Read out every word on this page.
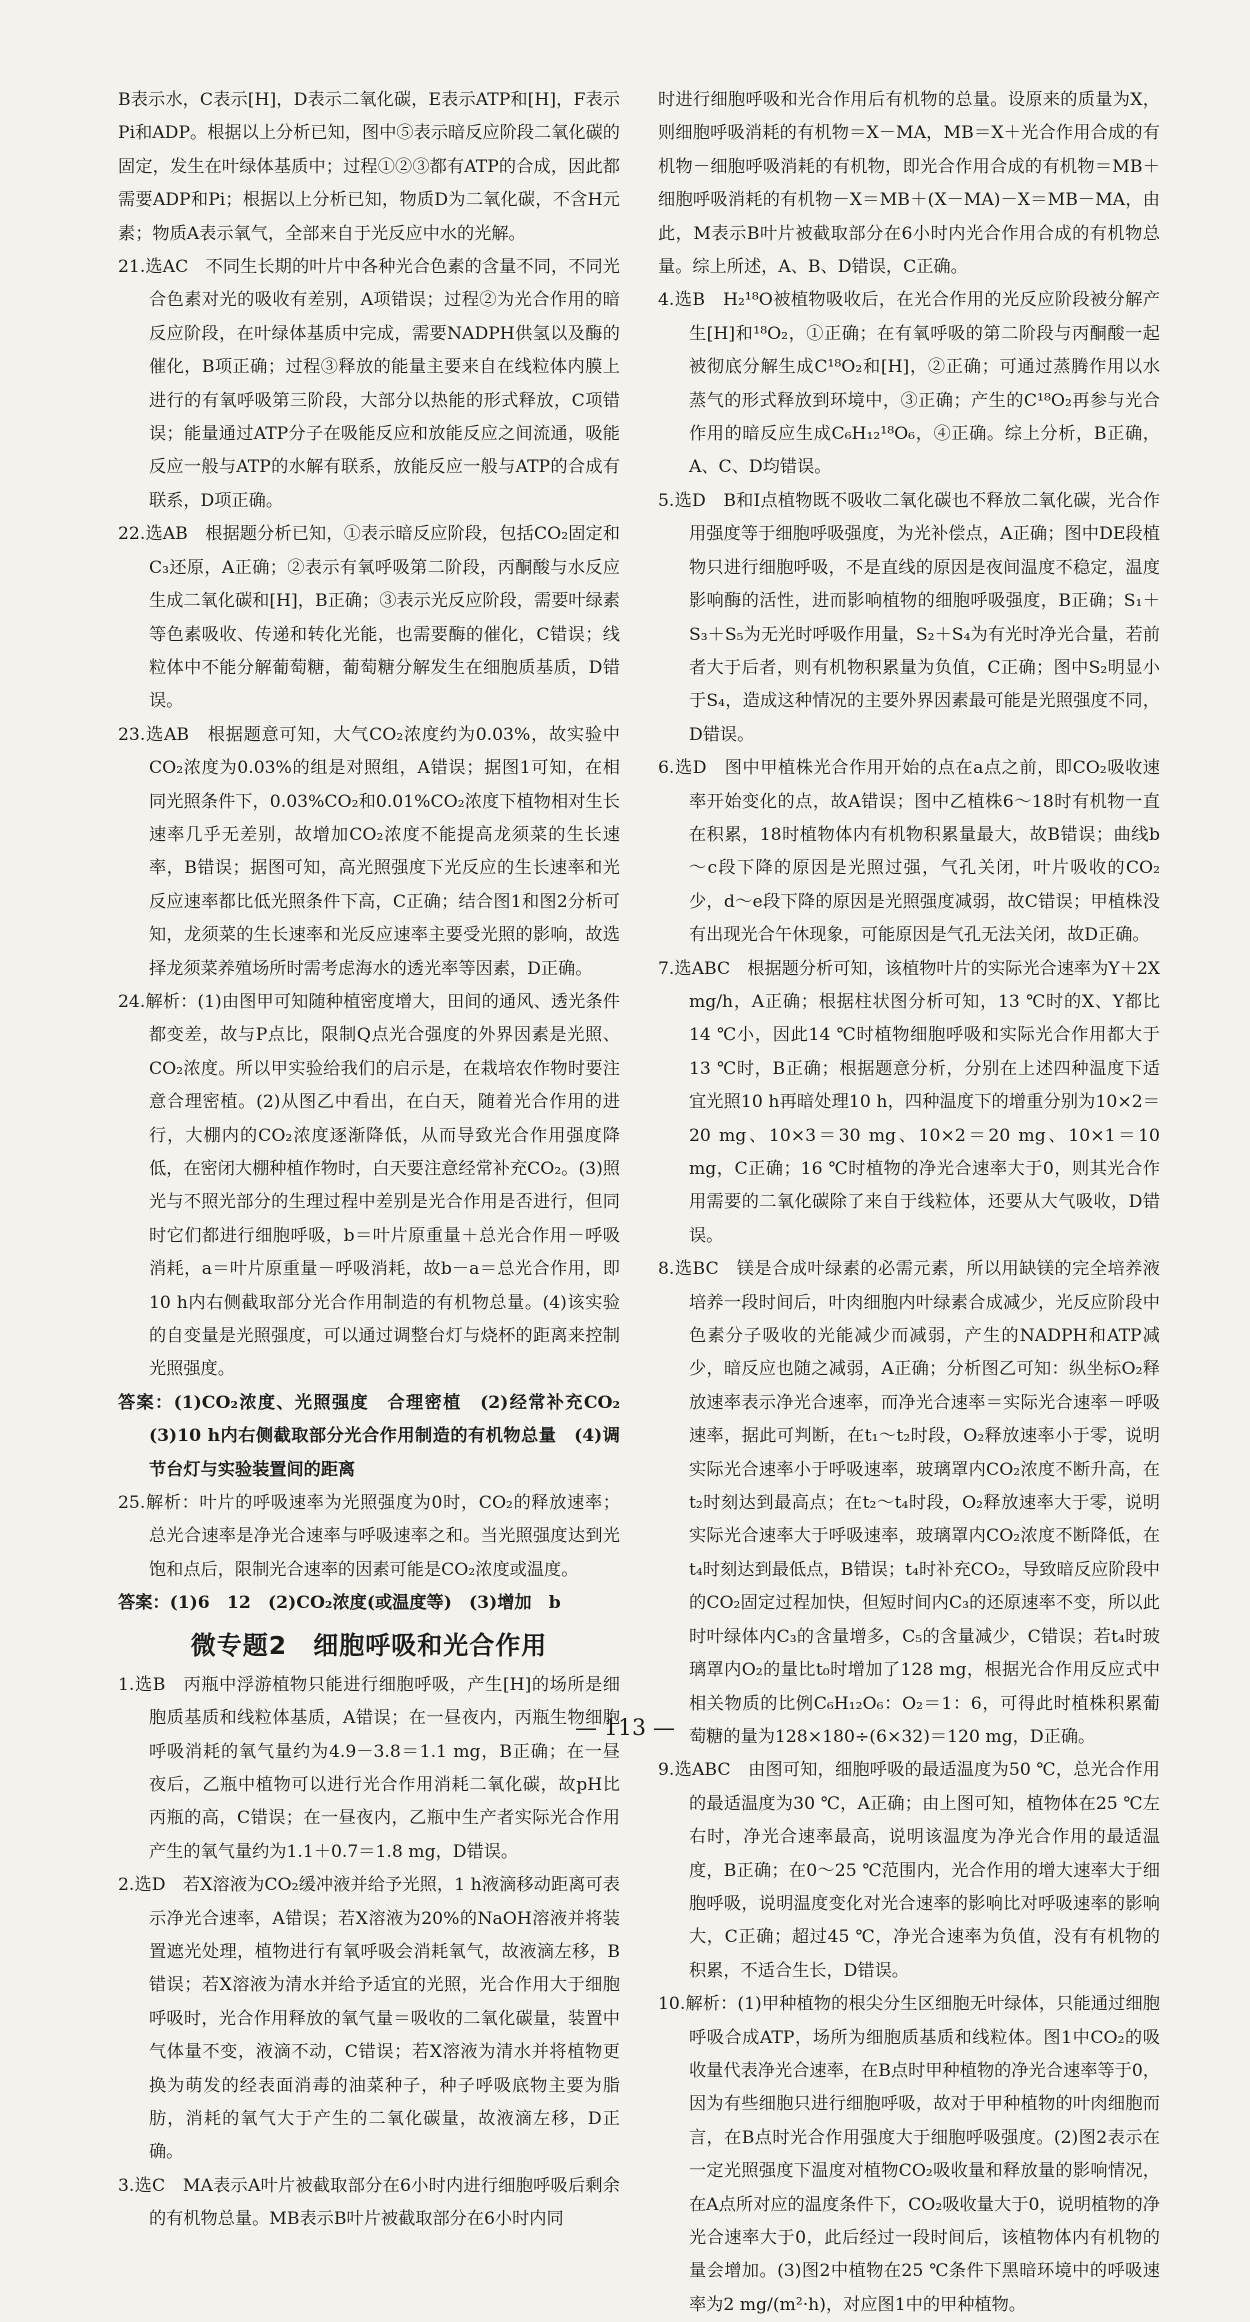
B表示水，C表示[H]，D表示二氧化碳，E表示ATP和[H]，F表示Pi和ADP。根据以上分析已知，图中⑤表示暗反应阶段二氧化碳的固定，发生在叶绿体基质中；过程①②③都有ATP的合成，因此都需要ADP和Pi；根据以上分析已知，物质D为二氧化碳，不含H元素；物质A表示氧气，全部来自于光反应中水的光解。

21.选AC　不同生长期的叶片中各种光合色素的含量不同，不同光合色素对光的吸收有差别，A项错误；过程②为光合作用的暗反应阶段，在叶绿体基质中完成，需要NADPH供氢以及酶的催化，B项正确；过程③释放的能量主要来自在线粒体内膜上进行的有氧呼吸第三阶段，大部分以热能的形式释放，C项错误；能量通过ATP分子在吸能反应和放能反应之间流通，吸能反应一般与ATP的水解有联系，放能反应一般与ATP的合成有联系，D项正确。

22.选AB　根据题分析已知，①表示暗反应阶段，包括CO₂固定和C₃还原，A正确；②表示有氧呼吸第二阶段，丙酮酸与水反应生成二氧化碳和[H]，B正确；③表示光反应阶段，需要叶绿素等色素吸收、传递和转化光能，也需要酶的催化，C错误；线粒体中不能分解葡萄糖，葡萄糖分解发生在细胞质基质，D错误。

23.选AB　根据题意可知，大气CO₂浓度约为0.03%，故实验中CO₂浓度为0.03%的组是对照组，A错误；据图1可知，在相同光照条件下，0.03%CO₂和0.01%CO₂浓度下植物相对生长速率几乎无差别，故增加CO₂浓度不能提高龙须菜的生长速率，B错误；据图可知，高光照强度下光反应的生长速率和光反应速率都比低光照条件下高，C正确；结合图1和图2分析可知，龙须菜的生长速率和光反应速率主要受光照的影响，故选择龙须菜养殖场所时需考虑海水的透光率等因素，D正确。

24.解析：(1)由图甲可知随种植密度增大，田间的通风、透光条件都变差，故与P点比，限制Q点光合强度的外界因素是光照、CO₂浓度。所以甲实验给我们的启示是，在栽培农作物时要注意合理密植。(2)从图乙中看出，在白天，随着光合作用的进行，大棚内的CO₂浓度逐渐降低，从而导致光合作用强度降低，在密闭大棚种植作物时，白天要注意经常补充CO₂。(3)照光与不照光部分的生理过程中差别是光合作用是否进行，但同时它们都进行细胞呼吸，b＝叶片原重量＋总光合作用－呼吸消耗，a＝叶片原重量－呼吸消耗，故b－a＝总光合作用，即10 h内右侧截取部分光合作用制造的有机物总量。(4)该实验的自变量是光照强度，可以通过调整台灯与烧杯的距离来控制光照强度。

答案：(1)CO₂浓度、光照强度　合理密植　(2)经常补充CO₂　(3)10 h内右侧截取部分光合作用制造的有机物总量　(4)调节台灯与实验装置间的距离

25.解析：叶片的呼吸速率为光照强度为0时，CO₂的释放速率；总光合速率是净光合速率与呼吸速率之和。当光照强度达到光饱和点后，限制光合速率的因素可能是CO₂浓度或温度。

答案：(1)6　12　(2)CO₂浓度(或温度等)　(3)增加　b

微专题2　细胞呼吸和光合作用

1.选B　丙瓶中浮游植物只能进行细胞呼吸，产生[H]的场所是细胞质基质和线粒体基质，A错误；在一昼夜内，丙瓶生物细胞呼吸消耗的氧气量约为4.9－3.8＝1.1 mg，B正确；在一昼夜后，乙瓶中植物可以进行光合作用消耗二氧化碳，故pH比丙瓶的高，C错误；在一昼夜内，乙瓶中生产者实际光合作用产生的氧气量约为1.1＋0.7＝1.8 mg，D错误。

2.选D　若X溶液为CO₂缓冲液并给予光照，1 h液滴移动距离可表示净光合速率，A错误；若X溶液为20%的NaOH溶液并将装置遮光处理，植物进行有氧呼吸会消耗氧气，故液滴左移，B错误；若X溶液为清水并给予适宜的光照，光合作用大于细胞呼吸时，光合作用释放的氧气量＝吸收的二氧化碳量，装置中气体量不变，液滴不动，C错误；若X溶液为清水并将植物更换为萌发的经表面消毒的油菜种子，种子呼吸底物主要为脂肪，消耗的氧气大于产生的二氧化碳量，故液滴左移，D正确。

3.选C　MA表示A叶片被截取部分在6小时内进行细胞呼吸后剩余的有机物总量。MB表示B叶片被截取部分在6小时内同

时进行细胞呼吸和光合作用后有机物的总量。设原来的质量为X，则细胞呼吸消耗的有机物＝X－MA，MB＝X＋光合作用合成的有机物－细胞呼吸消耗的有机物，即光合作用合成的有机物＝MB＋细胞呼吸消耗的有机物－X＝MB＋(X－MA)－X＝MB－MA，由此，M表示B叶片被截取部分在6小时内光合作用合成的有机物总量。综上所述，A、B、D错误，C正确。

4.选B　H₂¹⁸O被植物吸收后，在光合作用的光反应阶段被分解产生[H]和¹⁸O₂，①正确；在有氧呼吸的第二阶段与丙酮酸一起被彻底分解生成C¹⁸O₂和[H]，②正确；可通过蒸腾作用以水蒸气的形式释放到环境中，③正确；产生的C¹⁸O₂再参与光合作用的暗反应生成C₆H₁₂¹⁸O₆，④正确。综上分析，B正确，A、C、D均错误。

5.选D　B和I点植物既不吸收二氧化碳也不释放二氧化碳，光合作用强度等于细胞呼吸强度，为光补偿点，A正确；图中DE段植物只进行细胞呼吸，不是直线的原因是夜间温度不稳定，温度影响酶的活性，进而影响植物的细胞呼吸强度，B正确；S₁＋S₃＋S₅为无光时呼吸作用量，S₂＋S₄为有光时净光合量，若前者大于后者，则有机物积累量为负值，C正确；图中S₂明显小于S₄，造成这种情况的主要外界因素最可能是光照强度不同，D错误。

6.选D　图中甲植株光合作用开始的点在a点之前，即CO₂吸收速率开始变化的点，故A错误；图中乙植株6～18时有机物一直在积累，18时植物体内有机物积累量最大，故B错误；曲线b～c段下降的原因是光照过强，气孔关闭，叶片吸收的CO₂少，d～e段下降的原因是光照强度减弱，故C错误；甲植株没有出现光合午休现象，可能原因是气孔无法关闭，故D正确。

7.选ABC　根据题分析可知，该植物叶片的实际光合速率为Y＋2X mg/h，A正确；根据柱状图分析可知，13 ℃时的X、Y都比14 ℃小，因此14 ℃时植物细胞呼吸和实际光合作用都大于13 ℃时，B正确；根据题意分析，分别在上述四种温度下适宜光照10 h再暗处理10 h，四种温度下的增重分别为10×2＝20 mg、10×3＝30 mg、10×2＝20 mg、10×1＝10 mg，C正确；16 ℃时植物的净光合速率大于0，则其光合作用需要的二氧化碳除了来自于线粒体，还要从大气吸收，D错误。

8.选BC　镁是合成叶绿素的必需元素，所以用缺镁的完全培养液培养一段时间后，叶肉细胞内叶绿素合成减少，光反应阶段中色素分子吸收的光能减少而减弱，产生的NADPH和ATP减少，暗反应也随之减弱，A正确；分析图乙可知：纵坐标O₂释放速率表示净光合速率，而净光合速率＝实际光合速率－呼吸速率，据此可判断，在t₁～t₂时段，O₂释放速率小于零，说明实际光合速率小于呼吸速率，玻璃罩内CO₂浓度不断升高，在t₂时刻达到最高点；在t₂～t₄时段，O₂释放速率大于零，说明实际光合速率大于呼吸速率，玻璃罩内CO₂浓度不断降低，在t₄时刻达到最低点，B错误；t₄时补充CO₂，导致暗反应阶段中的CO₂固定过程加快，但短时间内C₃的还原速率不变，所以此时叶绿体内C₃的含量增多，C₅的含量减少，C错误；若t₄时玻璃罩内O₂的量比t₀时增加了128 mg，根据光合作用反应式中相关物质的比例C₆H₁₂O₆：O₂＝1：6，可得此时植株积累葡萄糖的量为128×180÷(6×32)＝120 mg，D正确。

9.选ABC　由图可知，细胞呼吸的最适温度为50 ℃，总光合作用的最适温度为30 ℃，A正确；由上图可知，植物体在25 ℃左右时，净光合速率最高，说明该温度为净光合作用的最适温度，B正确；在0～25 ℃范围内，光合作用的增大速率大于细胞呼吸，说明温度变化对光合速率的影响比对呼吸速率的影响大，C正确；超过45 ℃，净光合速率为负值，没有有机物的积累，不适合生长，D错误。

10.解析：(1)甲种植物的根尖分生区细胞无叶绿体，只能通过细胞呼吸合成ATP，场所为细胞质基质和线粒体。图1中CO₂的吸收量代表净光合速率，在B点时甲种植物的净光合速率等于0，因为有些细胞只进行细胞呼吸，故对于甲种植物的叶肉细胞而言，在B点时光合作用强度大于细胞呼吸强度。(2)图2表示在一定光照强度下温度对植物CO₂吸收量和释放量的影响情况，在A点所对应的温度条件下，CO₂吸收量大于0，说明植物的净光合速率大于0，此后经过一段时间后，该植物体内有机物的量会增加。(3)图2中植物在25 ℃条件下黑暗环境中的呼吸速率为2 mg/(m²·h)，对应图1中的甲种植物。

— 113 —
